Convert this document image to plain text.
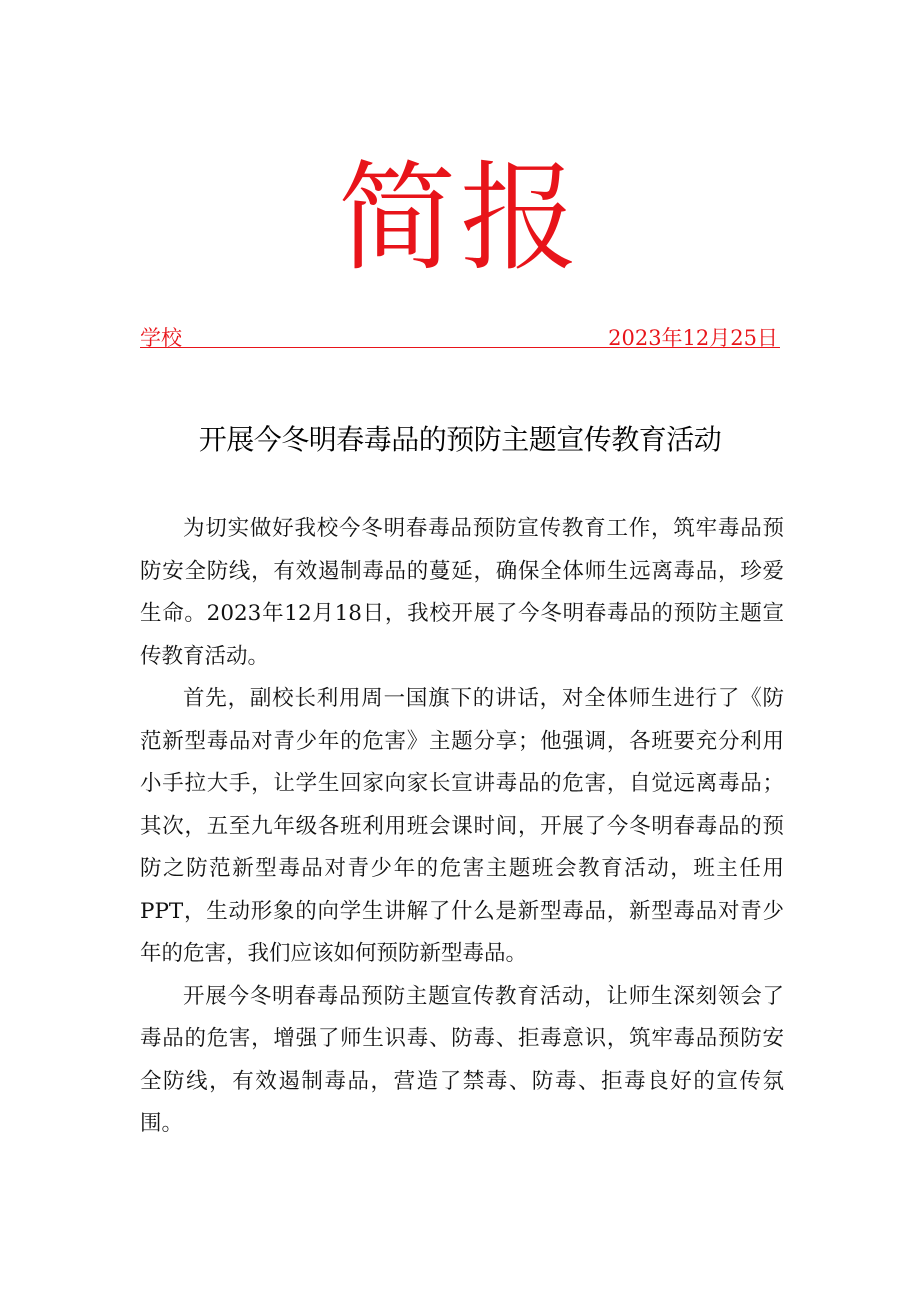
简报
学校	2023年12月25日
开展今冬明春毒品的预防主题宣传教育活动

为切实做好我校今冬明春毒品预防宣传教育工作，筑牢毒品预防安全防线，有效遏制毒品的蔓延，确保全体师生远离毒品，珍爱生命。2023年12月18日，我校开展了今冬明春毒品的预防主题宣传教育活动。

首先，副校长利用周一国旗下的讲话，对全体师生进行了《防范新型毒品对青少年的危害》主题分享；他强调，各班要充分利用小手拉大手，让学生回家向家长宣讲毒品的危害，自觉远离毒品；其次，五至九年级各班利用班会课时间，开展了今冬明春毒品的预防之防范新型毒品对青少年的危害主题班会教育活动，班主任用PPT，生动形象的向学生讲解了什么是新型毒品，新型毒品对青少年的危害，我们应该如何预防新型毒品。

开展今冬明春毒品预防主题宣传教育活动，让师生深刻领会了毒品的危害，增强了师生识毒、防毒、拒毒意识，筑牢毒品预防安全防线，有效遏制毒品，营造了禁毒、防毒、拒毒良好的宣传氛围。
